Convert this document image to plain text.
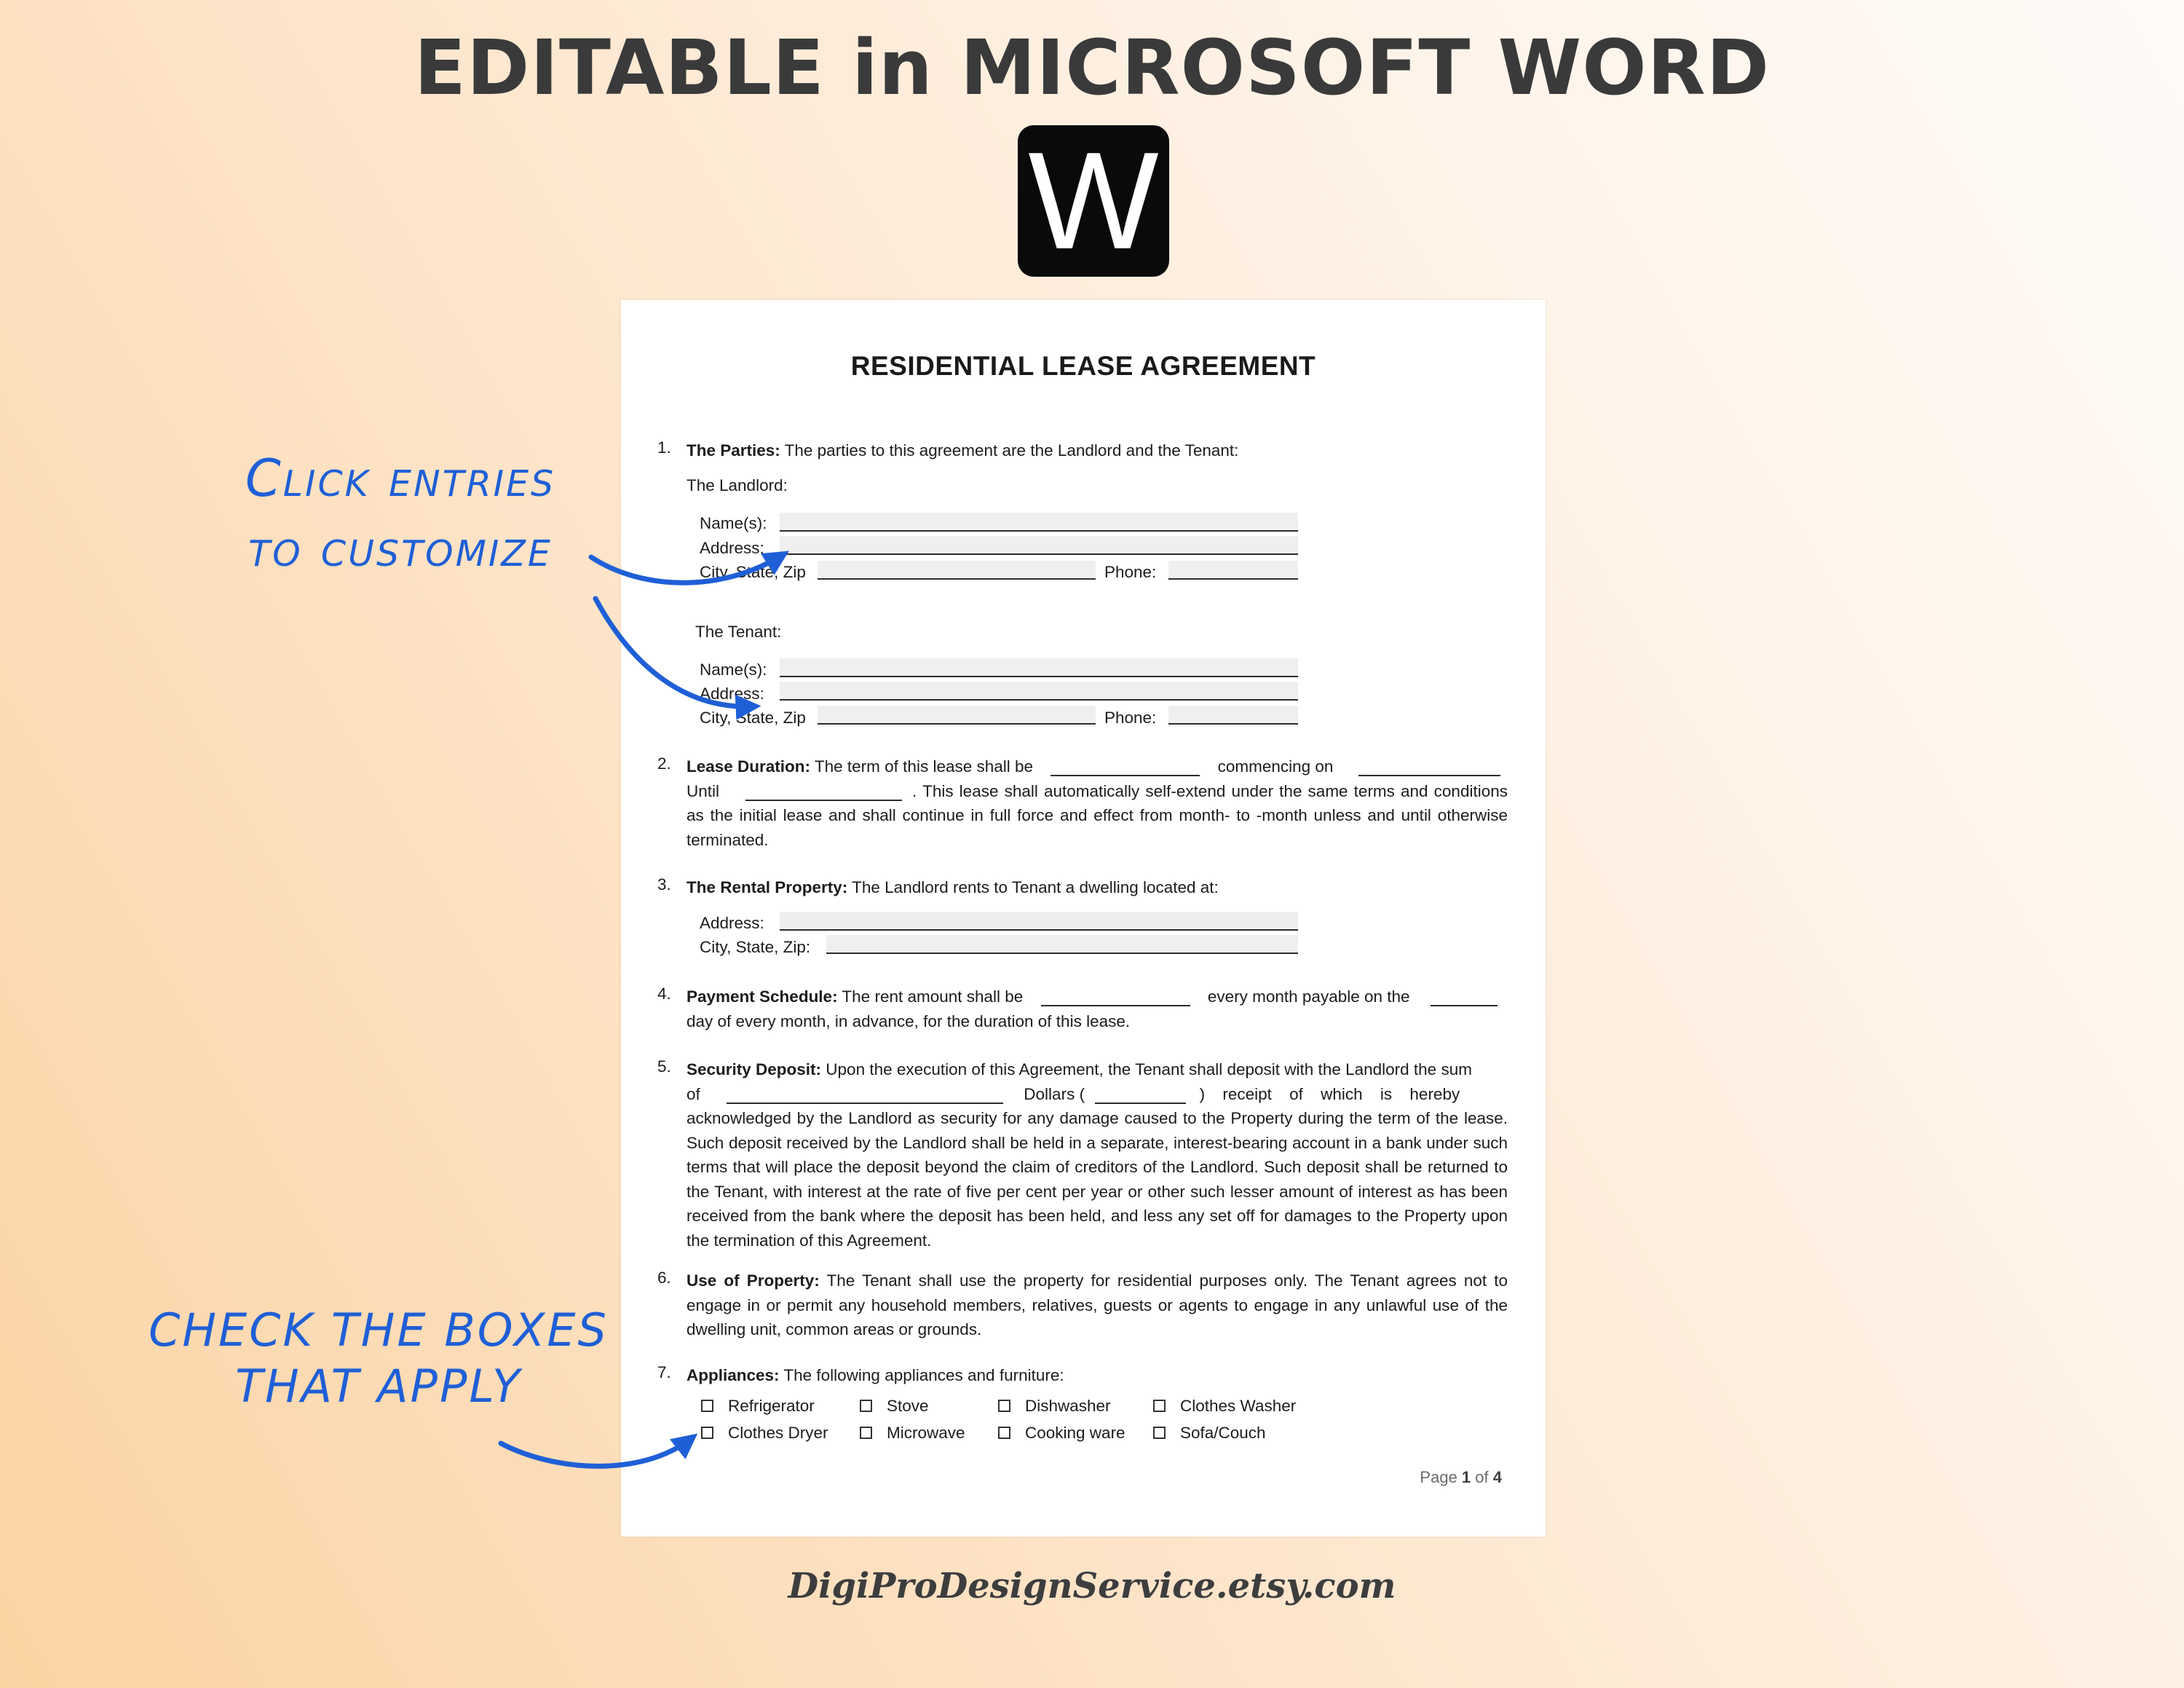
EDITABLE in MICROSOFT WORD
W
Click entries
to customize
CHECK THE BOXES
THAT APPLY
RESIDENTIAL LEASE AGREEMENT
1. The Parties: The parties to this agreement are the Landlord and the Tenant:
The Landlord:
Name(s):
Address:
City, State, Zip	Phone:
The Tenant:
Name(s):
Address:
City, State, Zip	Phone:
2. Lease Duration: The term of this lease shall be	commencing on
Until	. This lease shall automatically self-extend under the same terms and conditions as the initial lease and shall continue in full force and effect from month- to -month unless and until otherwise terminated.
3. The Rental Property: The Landlord rents to Tenant a dwelling located at:
Address:
City, State, Zip:
4. Payment Schedule: The rent amount shall be	every month payable on the
day of every month, in advance, for the duration of this lease.
5. Security Deposit: Upon the execution of this Agreement, the Tenant shall deposit with the Landlord the sum
of	Dollars (	) receipt of which is hereby
acknowledged by the Landlord as security for any damage caused to the Property during the term of the lease. Such deposit received by the Landlord shall be held in a separate, interest-bearing account in a bank under such terms that will place the deposit beyond the claim of creditors of the Landlord. Such deposit shall be returned to the Tenant, with interest at the rate of five per cent per year or other such lesser amount of interest as has been received from the bank where the deposit has been held, and less any set off for damages to the Property upon the termination of this Agreement.
6. Use of Property: The Tenant shall use the property for residential purposes only. The Tenant agrees not to engage in or permit any household members, relatives, guests or agents to engage in any unlawful use of the dwelling unit, common areas or grounds.
7. Appliances: The following appliances and furniture:
Refrigerator	Stove	Dishwasher	Clothes Washer
Clothes Dryer	Microwave	Cooking ware	Sofa/Couch
Page 1 of 4
DigiProDesignService.etsy.com
